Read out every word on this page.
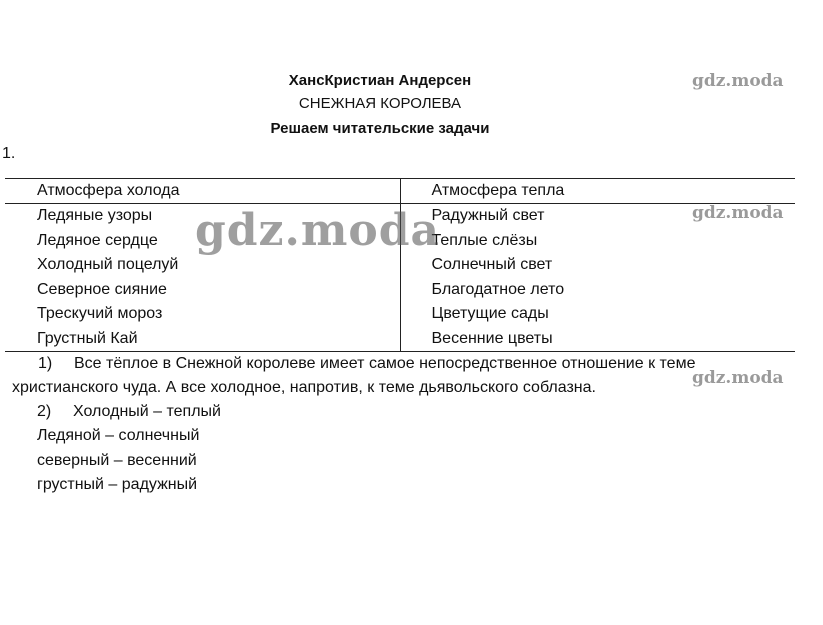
ХансКристиан Андерсен
СНЕЖНАЯ КОРОЛЕВА
Решаем читательские задачи
1.
Атмосфера холода	Атмосфера тепла
Ледяные узоры	Радужный свет
Ледяное сердце	Теплые слёзы
Холодный поцелуй	Солнечный свет
Северное сияние	Благодатное лето
Трескучий мороз	Цветущие сады
Грустный Кай	Весенние цветы
1) Все тёплое в Снежной королеве имеет самое непосредственное отношение к теме христианского чуда. А все холодное, напротив, к теме дьявольского соблазна.
2) Холодный – теплый
Ледяной – солнечный
северный – весенний
грустный – радужный
gdz.moda
gdz.moda
gdz.moda
gdz.moda
